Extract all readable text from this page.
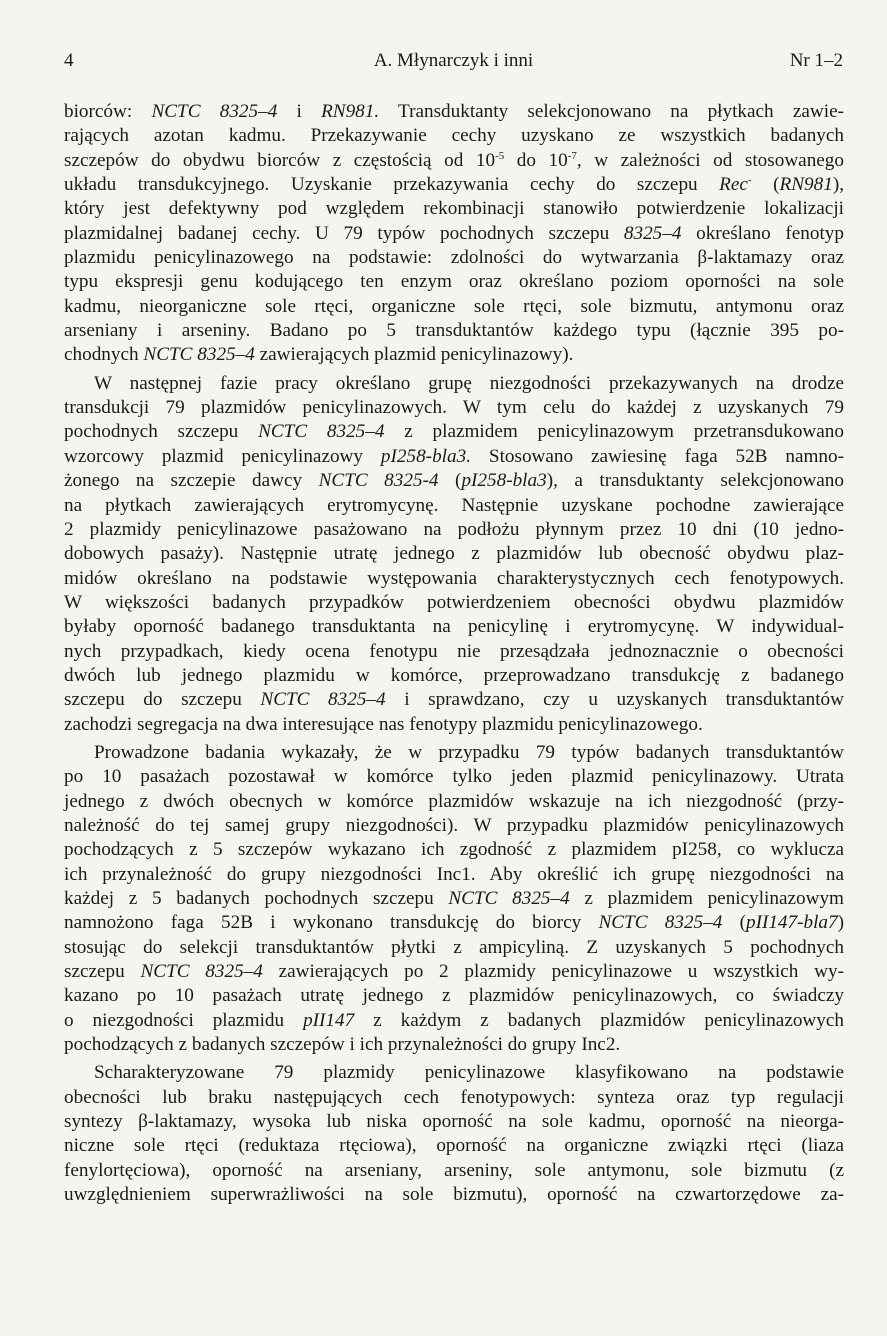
4	A. Młynarczyk i inni	Nr 1–2
biorców: NCTC 8325–4 i RN981. Transduktanty selekcjonowano na płytkach zawie-
rających azotan kadmu. Przekazywanie cechy uzyskano ze wszystkich badanych
szczepów do obydwu biorców z częstością od $10^{-5}$ do $10^{-7}$, w zależności od stosowanego
układu transdukcyjnego. Uzyskanie przekazywania cechy do szczepu Rec- (RN981),
który jest defektywny pod względem rekombinacji stanowiło potwierdzenie lokalizacji
plazmidalnej badanej cechy. U 79 typów pochodnych szczepu 8325–4 określano fenotyp
plazmidu penicylinazowego na podstawie: zdolności do wytwarzania β-laktamazy oraz
typu ekspresji genu kodującego ten enzym oraz określano poziom oporności na sole
kadmu, nieorganiczne sole rtęci, organiczne sole rtęci, sole bizmutu, antymonu oraz
arseniany i arseniny. Badano po 5 transduktantów każdego typu (łącznie 395 po-
chodnych NCTC 8325–4 zawierających plazmid penicylinazowy).
W następnej fazie pracy określano grupę niezgodności przekazywanych na drodze
transdukcji 79 plazmidów penicylinazowych. W tym celu do każdej z uzyskanych 79
pochodnych szczepu NCTC 8325–4 z plazmidem penicylinazowym przetransdukowano
wzorcowy plazmid penicylinazowy pI258-bla3. Stosowano zawiesinę faga 52B namno-
żonego na szczepie dawcy NCTC 8325-4 (pI258-bla3), a transduktanty selekcjonowano
na płytkach zawierających erytromycynę. Następnie uzyskane pochodne zawierające
2 plazmidy penicylinazowe pasażowano na podłożu płynnym przez 10 dni (10 jedno-
dobowych pasaży). Następnie utratę jednego z plazmidów lub obecność obydwu plaz-
midów określano na podstawie występowania charakterystycznych cech fenotypowych.
W większości badanych przypadków potwierdzeniem obecności obydwu plazmidów
byłaby oporność badanego transduktanta na penicylinę i erytromycynę. W indywidual-
nych przypadkach, kiedy ocena fenotypu nie przesądzała jednoznacznie o obecności
dwóch lub jednego plazmidu w komórce, przeprowadzano transdukcję z badanego
szczepu do szczepu NCTC 8325–4 i sprawdzano, czy u uzyskanych transduktantów
zachodzi segregacja na dwa interesujące nas fenotypy plazmidu penicylinazowego.
Prowadzone badania wykazały, że w przypadku 79 typów badanych transduktantów
po 10 pasażach pozostawał w komórce tylko jeden plazmid penicylinazowy. Utrata
jednego z dwóch obecnych w komórce plazmidów wskazuje na ich niezgodność (przy-
należność do tej samej grupy niezgodności). W przypadku plazmidów penicylinazowych
pochodzących z 5 szczepów wykazano ich zgodność z plazmidem pI258, co wyklucza
ich przynależność do grupy niezgodności Inc1. Aby określić ich grupę niezgodności na
każdej z 5 badanych pochodnych szczepu NCTC 8325–4 z plazmidem penicylinazowym
namnożono faga 52B i wykonano transdukcję do biorcy NCTC 8325–4 (pII147-bla7)
stosując do selekcji transduktantów płytki z ampicyliną. Z uzyskanych 5 pochodnych
szczepu NCTC 8325–4 zawierających po 2 plazmidy penicylinazowe u wszystkich wy-
kazano po 10 pasażach utratę jednego z plazmidów penicylinazowych, co świadczy
o niezgodności plazmidu pII147 z każdym z badanych plazmidów penicylinazowych
pochodzących z badanych szczepów i ich przynależności do grupy Inc2.
Scharakteryzowane 79 plazmidy penicylinazowe klasyfikowano na podstawie
obecności lub braku następujących cech fenotypowych: synteza oraz typ regulacji
syntezy β-laktamazy, wysoka lub niska oporność na sole kadmu, oporność na nieorga-
niczne sole rtęci (reduktaza rtęciowa), oporność na organiczne związki rtęci (liaza
fenylortęciowa), oporność na arseniany, arseniny, sole antymonu, sole bizmutu (z
uwzględnieniem superwrażliwości na sole bizmutu), oporność na czwartorzędowe za-
